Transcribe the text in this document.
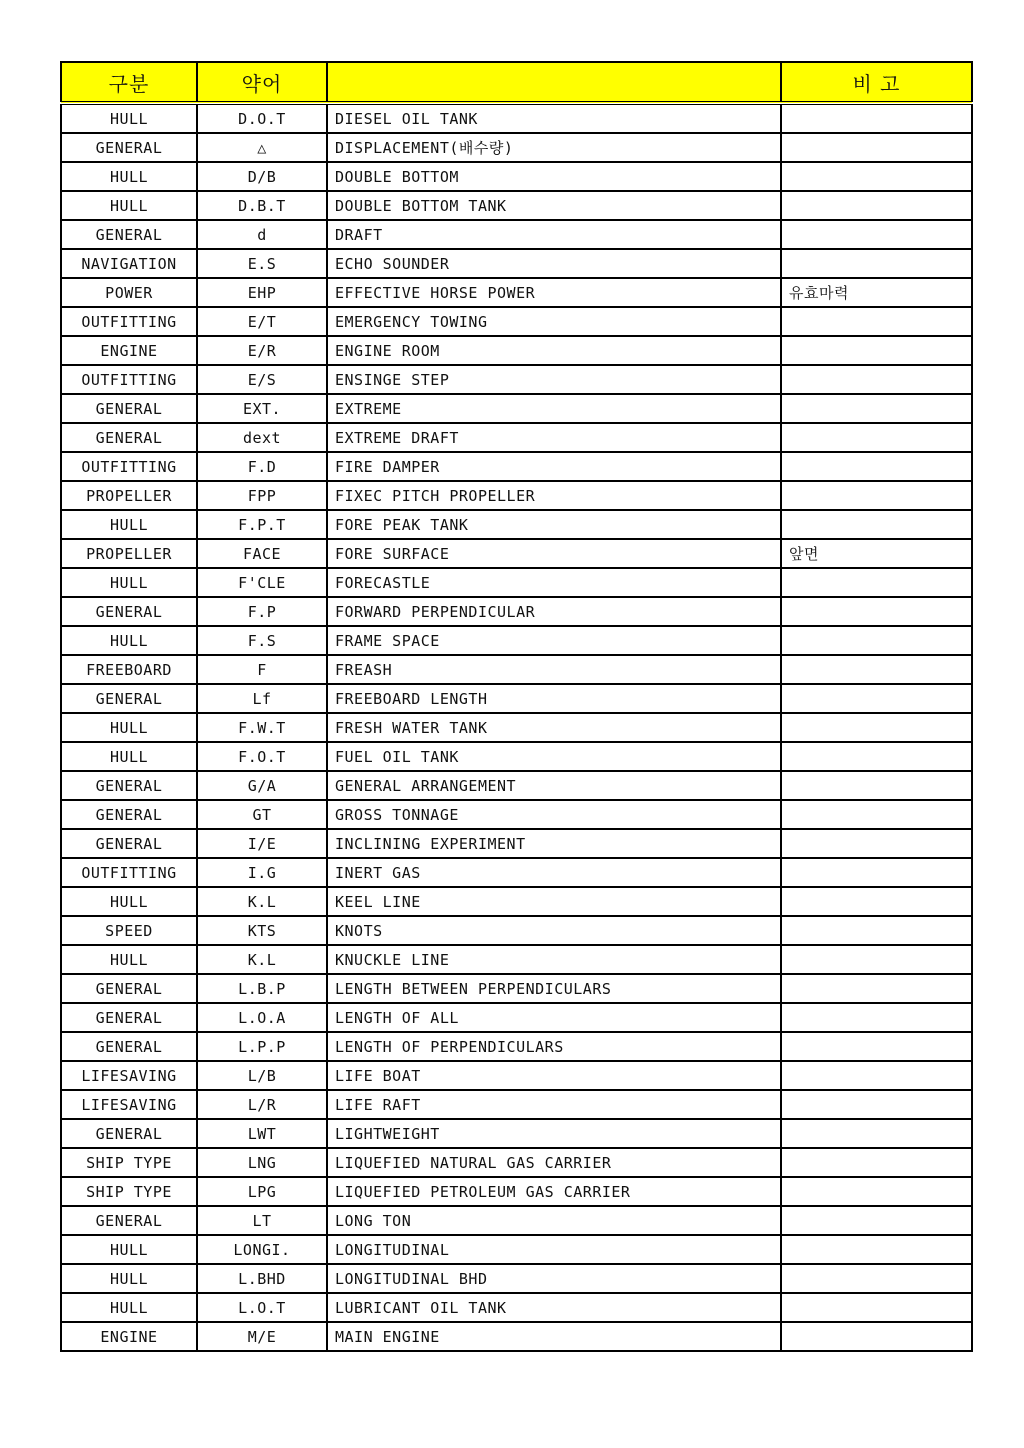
구분	약어		비 고
HULL	D.O.T	DIESEL OIL TANK	
GENERAL	△	DISPLACEMENT(배수량)	
HULL	D/B	DOUBLE BOTTOM	
HULL	D.B.T	DOUBLE BOTTOM TANK	
GENERAL	d	DRAFT	
NAVIGATION	E.S	ECHO SOUNDER	
POWER	EHP	EFFECTIVE HORSE POWER	유효마력
OUTFITTING	E/T	EMERGENCY TOWING	
ENGINE	E/R	ENGINE ROOM	
OUTFITTING	E/S	ENSINGE STEP	
GENERAL	EXT.	EXTREME	
GENERAL	dext	EXTREME DRAFT	
OUTFITTING	F.D	FIRE DAMPER	
PROPELLER	FPP	FIXEC PITCH PROPELLER	
HULL	F.P.T	FORE PEAK TANK	
PROPELLER	FACE	FORE SURFACE	앞면
HULL	F'CLE	FORECASTLE	
GENERAL	F.P	FORWARD PERPENDICULAR	
HULL	F.S	FRAME SPACE	
FREEBOARD	F	FREASH	
GENERAL	Lf	FREEBOARD LENGTH	
HULL	F.W.T	FRESH WATER TANK	
HULL	F.O.T	FUEL OIL TANK	
GENERAL	G/A	GENERAL ARRANGEMENT	
GENERAL	GT	GROSS TONNAGE	
GENERAL	I/E	INCLINING EXPERIMENT	
OUTFITTING	I.G	INERT GAS	
HULL	K.L	KEEL LINE	
SPEED	KTS	KNOTS	
HULL	K.L	KNUCKLE LINE	
GENERAL	L.B.P	LENGTH BETWEEN PERPENDICULARS	
GENERAL	L.O.A	LENGTH OF ALL	
GENERAL	L.P.P	LENGTH OF PERPENDICULARS	
LIFESAVING	L/B	LIFE BOAT	
LIFESAVING	L/R	LIFE RAFT	
GENERAL	LWT	LIGHTWEIGHT	
SHIP TYPE	LNG	LIQUEFIED NATURAL GAS CARRIER	
SHIP TYPE	LPG	LIQUEFIED PETROLEUM GAS CARRIER	
GENERAL	LT	LONG TON	
HULL	LONGI.	LONGITUDINAL	
HULL	L.BHD	LONGITUDINAL BHD	
HULL	L.O.T	LUBRICANT OIL TANK	
ENGINE	M/E	MAIN ENGINE	
